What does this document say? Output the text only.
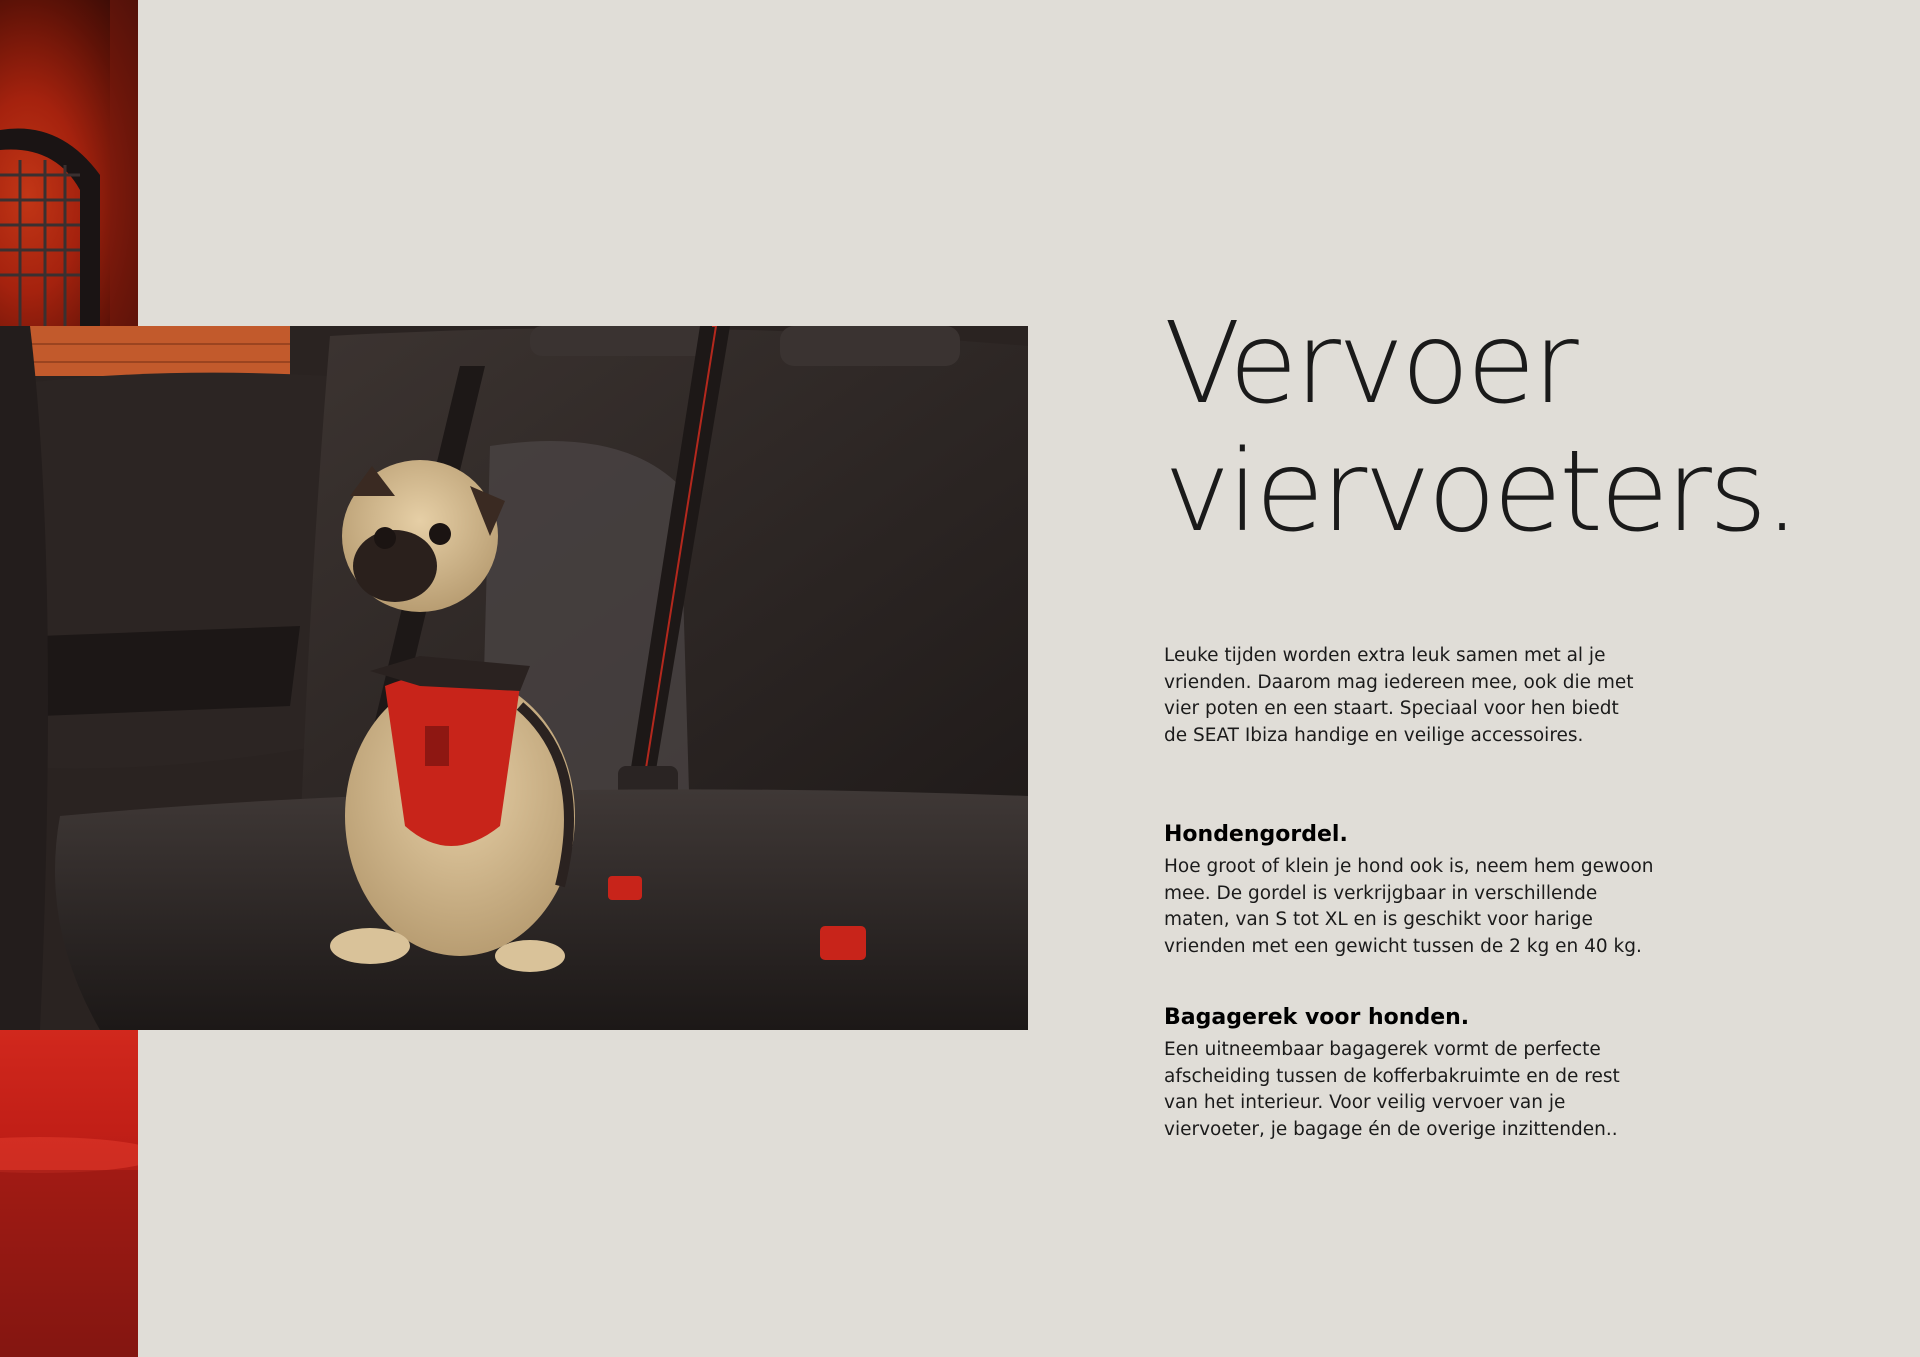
Vervoer
viervoeters.

Leuke tijden worden extra leuk samen met al je vrienden. Daarom mag iedereen mee, ook die met vier poten en een staart. Speciaal voor hen biedt de SEAT Ibiza handige en veilige accessoires.

Hondengordel.

Hoe groot of klein je hond ook is, neem hem gewoon mee. De gordel is verkrijgbaar in verschillende maten, van S tot XL en is geschikt voor harige vrienden met een gewicht tussen de 2 kg en 40 kg.

Bagagerek voor honden.

Een uitneembaar bagagerek vormt de perfecte afscheiding tussen de kofferbakruimte en de rest van het interieur. Voor veilig vervoer van je viervoeter, je bagage én de overige inzittenden..
